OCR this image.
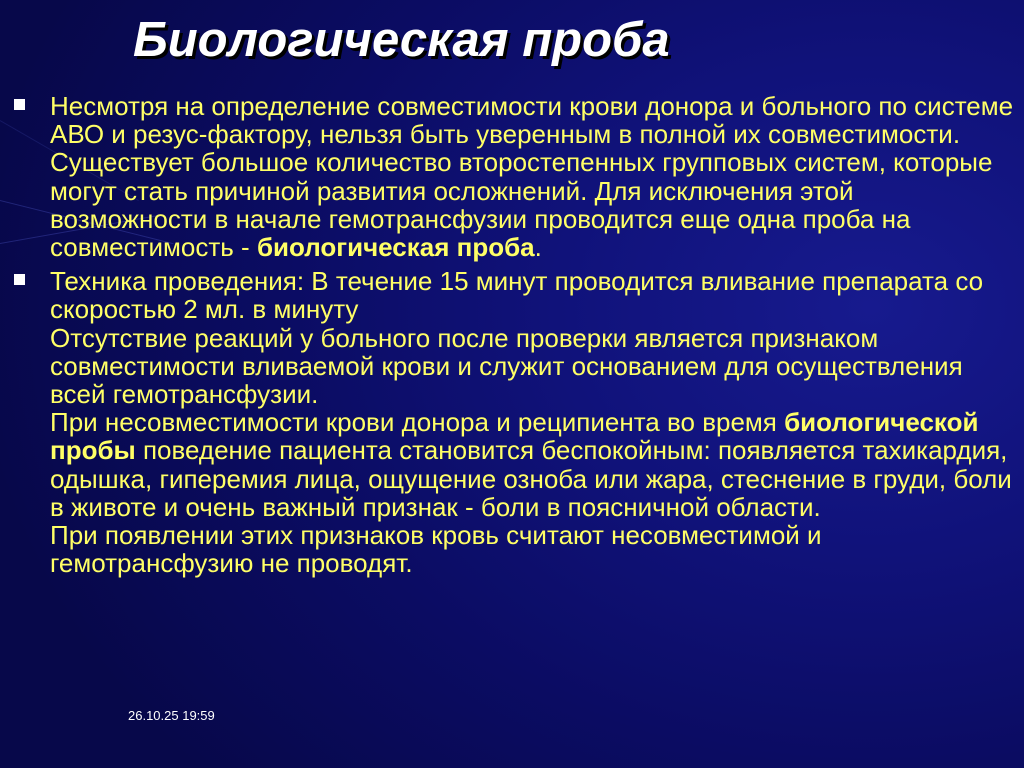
Биологическая проба
Несмотря на определение совместимости крови донора и больного по системе АВО и резус-фактору, нельзя быть уверенным в полной их совместимости.
Существует большое количество второстепенных групповых систем, которые могут стать причиной развития осложнений. Для исключения этой возможности в начале гемотрансфузии проводится еще одна проба на совместимость - биологическая проба.
Техника проведения: В течение 15 минут проводится вливание препарата со скоростью 2 мл. в минуту
Отсутствие реакций у больного после проверки является признаком совместимости вливаемой крови и служит основанием для осуществления всей гемотрансфузии.
При несовместимости крови донора и реципиента во время биологической пробы поведение пациента становится беспокойным: появляется тахикардия, одышка, гиперемия лица, ощущение озноба или жара, стеснение в груди, боли в животе и очень важный признак - боли в поясничной области.
При появлении этих признаков кровь считают несовместимой и гемотрансфузию не проводят.
26.10.25 19:59
